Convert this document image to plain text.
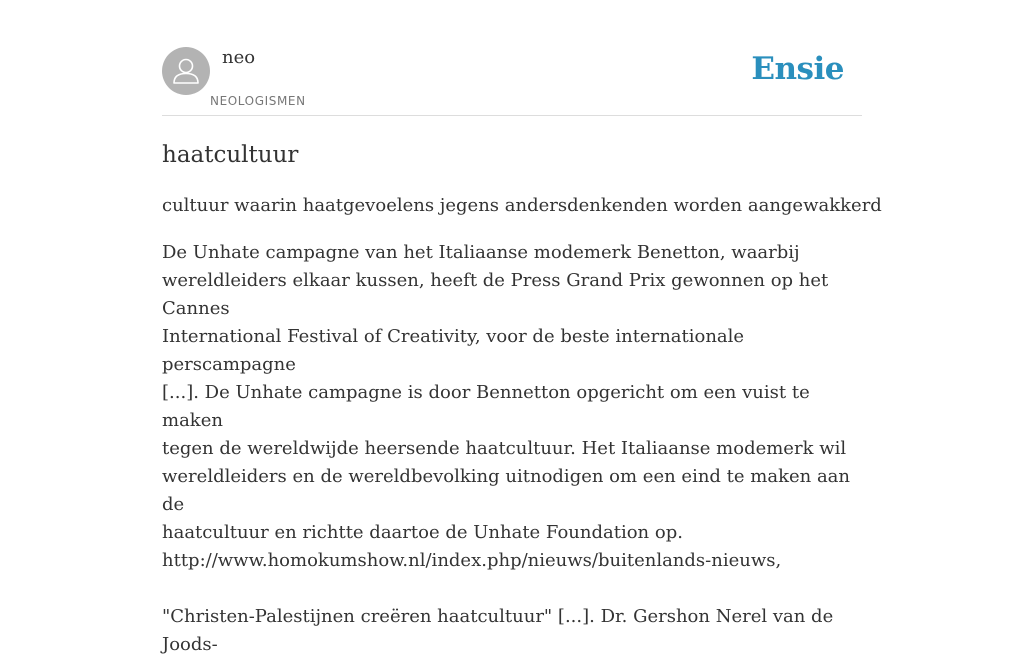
neo
NEOLOGISMEN
Ensie
haatcultuur
cultuur waarin haatgevoelens jegens andersdenkenden worden aangewakkerd

De Unhate campagne van het Italiaanse modemerk Benetton, waarbij
wereldleiders elkaar kussen, heeft de Press Grand Prix gewonnen op het Cannes
International Festival of Creativity, voor de beste internationale perscampagne
[...]. De Unhate campagne is door Bennetton opgericht om een vuist te maken
tegen de wereldwijde heersende haatcultuur. Het Italiaanse modemerk wil
wereldleiders en de wereldbevolking uitnodigen om een eind te maken aan de
haatcultuur en richtte daartoe de Unhate Foundation op.
http://www.homokumshow.nl/index.php/nieuws/buitenlands-nieuws,

"Christen-Palestijnen creëren haatcultuur" [...]. Dr. Gershon Nerel van de Joods-
